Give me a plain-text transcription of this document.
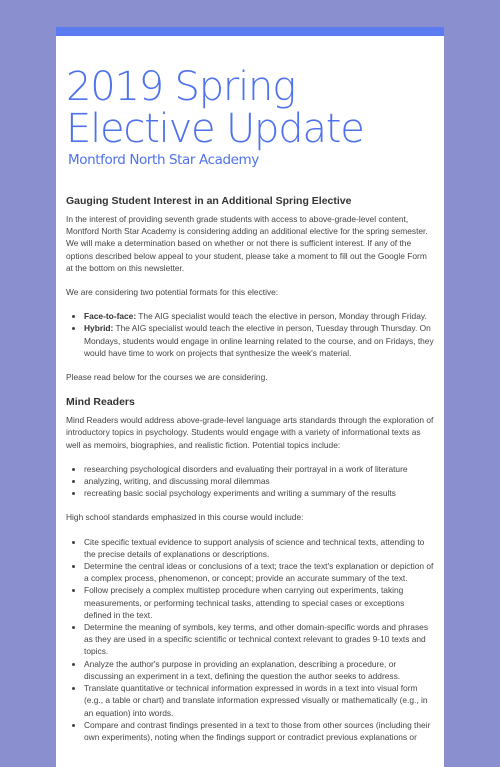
2019 Spring
Elective Update
Montford North Star Academy
Gauging Student Interest in an Additional Spring Elective

In the interest of providing seventh grade students with access to above-grade-level content, Montford North Star Academy is considering adding an additional elective for the spring semester. We will make a determination based on whether or not there is sufficient interest. If any of the options described below appeal to your student, please take a moment to fill out the Google Form at the bottom on this newsletter.

We are considering two potential formats for this elective:

• Face-to-face: The AIG specialist would teach the elective in person, Monday through Friday.
• Hybrid: The AIG specialist would teach the elective in person, Tuesday through Thursday. On Mondays, students would engage in online learning related to the course, and on Fridays, they would have time to work on projects that synthesize the week's material.

Please read below for the courses we are considering.

Mind Readers

Mind Readers would address above-grade-level language arts standards through the exploration of introductory topics in psychology. Students would engage with a variety of informational texts as well as memoirs, biographies, and realistic fiction. Potential topics include:

• researching psychological disorders and evaluating their portrayal in a work of literature
• analyzing, writing, and discussing moral dilemmas
• recreating basic social psychology experiments and writing a summary of the results

High school standards emphasized in this course would include:

• Cite specific textual evidence to support analysis of science and technical texts, attending to the precise details of explanations or descriptions.
• Determine the central ideas or conclusions of a text; trace the text's explanation or depiction of a complex process, phenomenon, or concept; provide an accurate summary of the text.
• Follow precisely a complex multistep procedure when carrying out experiments, taking measurements, or performing technical tasks, attending to special cases or exceptions defined in the text.
• Determine the meaning of symbols, key terms, and other domain-specific words and phrases as they are used in a specific scientific or technical context relevant to grades 9-10 texts and topics.
• Analyze the author's purpose in providing an explanation, describing a procedure, or discussing an experiment in a text, defining the question the author seeks to address.
• Translate quantitative or technical information expressed in words in a text into visual form (e.g., a table or chart) and translate information expressed visually or mathematically (e.g., in an equation) into words.
• Compare and contrast findings presented in a text to those from other sources (including their own experiments), noting when the findings support or contradict previous explanations or
